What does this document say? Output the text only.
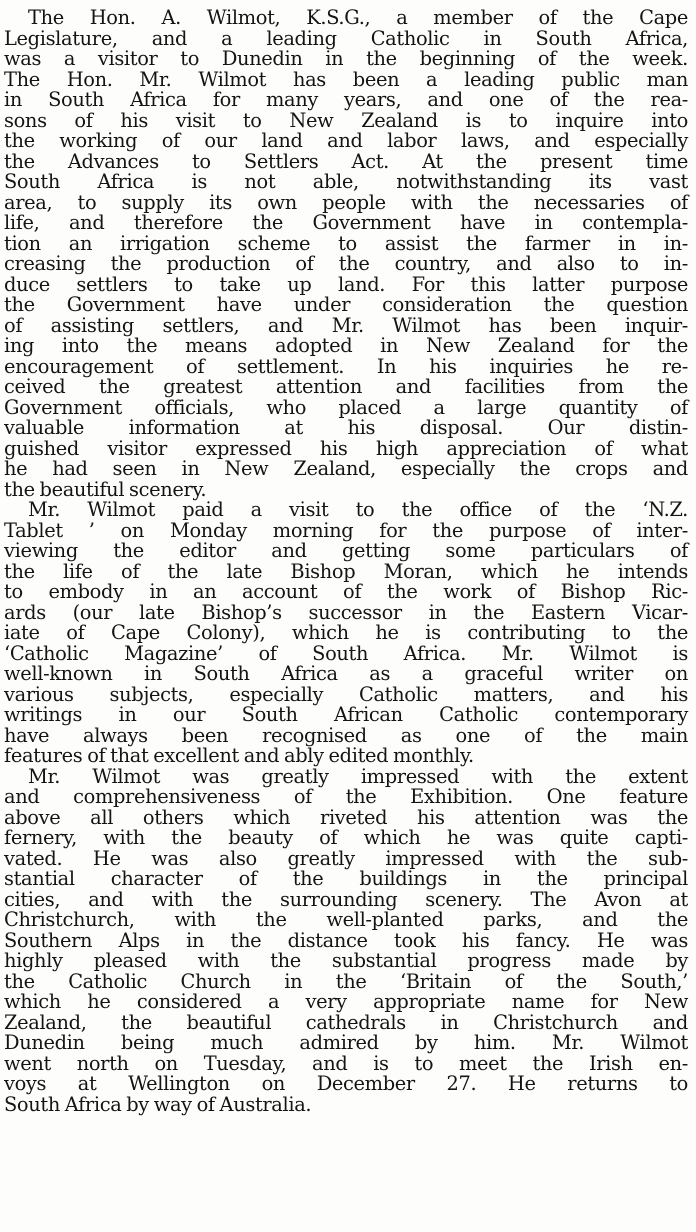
The Hon. A. Wilmot, K.S.G., a member of the Cape
Legislature, and a leading Catholic in South Africa,
was a visitor to Dunedin in the beginning of the week.
The Hon. Mr. Wilmot has been a leading public man
in South Africa for many years, and one of the rea-
sons of his visit to New Zealand is to inquire into
the working of our land and labor laws, and especially
the Advances to Settlers Act. At the present time
South Africa is not able, notwithstanding its vast
area, to supply its own people with the necessaries of
life, and therefore the Government have in contempla-
tion an irrigation scheme to assist the farmer in in-
creasing the production of the country, and also to in-
duce settlers to take up land. For this latter purpose
the Government have under consideration the question
of assisting settlers, and Mr. Wilmot has been inquir-
ing into the means adopted in New Zealand for the
encouragement of settlement. In his inquiries he re-
ceived the greatest attention and facilities from the
Government officials, who placed a large quantity of
valuable information at his disposal. Our distin-
guished visitor expressed his high appreciation of what
he had seen in New Zealand, especially the crops and
the beautiful scenery.
Mr. Wilmot paid a visit to the office of the ‘N.Z.
Tablet ’ on Monday morning for the purpose of inter-
viewing the editor and getting some particulars of
the life of the late Bishop Moran, which he intends
to embody in an account of the work of Bishop Ric-
ards (our late Bishop’s successor in the Eastern Vicar-
iate of Cape Colony), which he is contributing to the
‘Catholic Magazine’ of South Africa. Mr. Wilmot is
well-known in South Africa as a graceful writer on
various subjects, especially Catholic matters, and his
writings in our South African Catholic contemporary
have always been recognised as one of the main
features of that excellent and ably edited monthly.
Mr. Wilmot was greatly impressed with the extent
and comprehensiveness of the Exhibition. One feature
above all others which riveted his attention was the
fernery, with the beauty of which he was quite capti-
vated. He was also greatly impressed with the sub-
stantial character of the buildings in the principal
cities, and with the surrounding scenery. The Avon at
Christchurch, with the well-planted parks, and the
Southern Alps in the distance took his fancy. He was
highly pleased with the substantial progress made by
the Catholic Church in the ‘Britain of the South,’
which he considered a very appropriate name for New
Zealand, the beautiful cathedrals in Christchurch and
Dunedin being much admired by him. Mr. Wilmot
went north on Tuesday, and is to meet the Irish en-
voys at Wellington on December 27. He returns to
South Africa by way of Australia.
